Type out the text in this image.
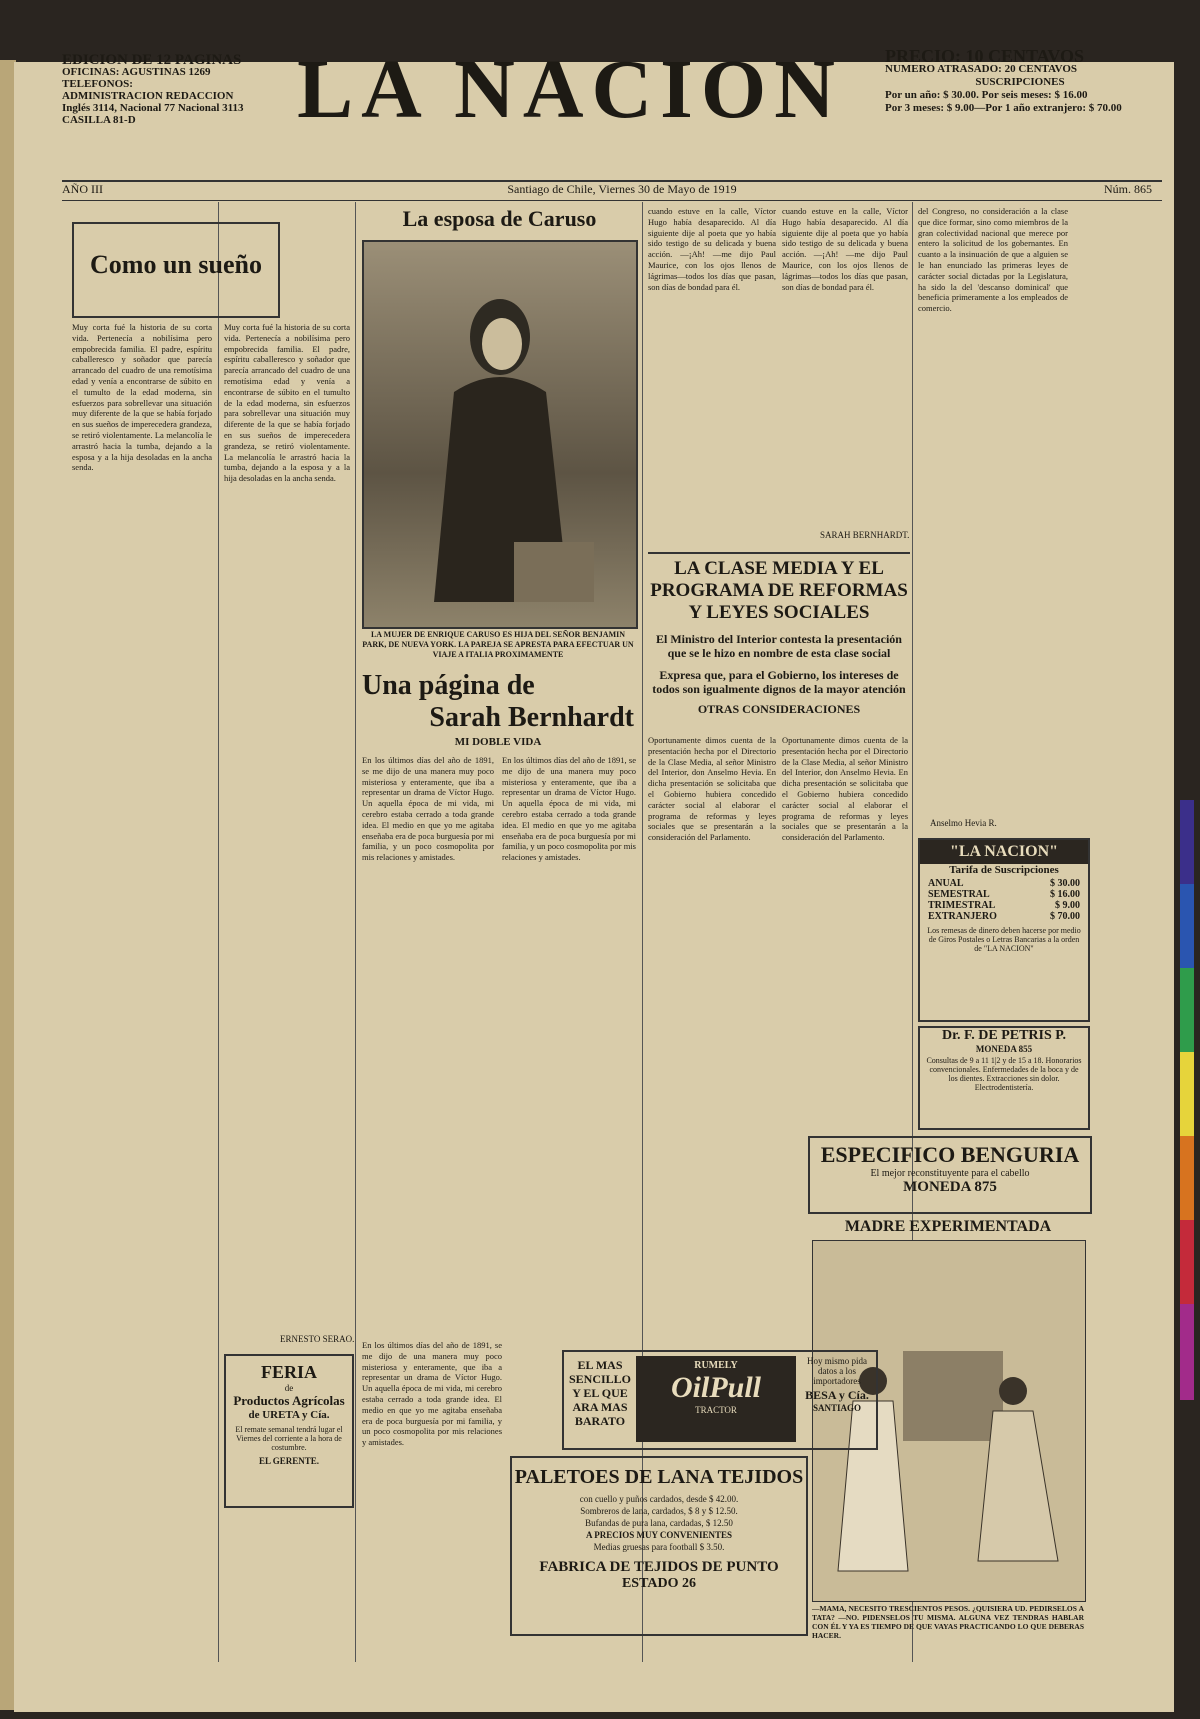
EDICION DE 12 PAGINAS
OFICINAS: AGUSTINAS 1269
TELEFONOS:
ADMINISTRACION REDACCION
Inglés 3114, Nacional 77 Nacional 3113
CASILLA 81-D	LA NACION	PRECIO: 10 CENTAVOS
NUMERO ATRASADO: 20 CENTAVOS
SUSCRIPCIONES
Por un año: $ 30.00. Por seis meses: $ 16.00
Por 3 meses: $ 9.00—Por 1 año extranjero: $ 70.00
AÑO III	Santiago de Chile, Viernes 30 de Mayo de 1919	Núm. 865
Como un sueño
Muy corta fué la historia de su corta vida. Pertenecía a nobilísima pero empobrecida familia. El padre, espíritu caballeresco y soñador que parecía arrancado del cuadro de una remotísima edad y venía a encontrarse de súbito en el tumulto de la edad moderna, sin esfuerzos para sobrellevar una situación muy diferente de la que se había forjado en sus sueños de imperecedera grandeza, se retiró violentamente. La melancolía le arrastró hacia la tumba, dejando a la esposa y a la hija desoladas en la ancha senda.
Muy corta fué la historia de su corta vida. Pertenecía a nobilísima pero empobrecida familia. El padre, espíritu caballeresco y soñador que parecía arrancado del cuadro de una remotísima edad y venía a encontrarse de súbito en el tumulto de la edad moderna, sin esfuerzos para sobrellevar una situación muy diferente de la que se había forjado en sus sueños de imperecedera grandeza, se retiró violentamente. La melancolía le arrastró hacia la tumba, dejando a la esposa y a la hija desoladas en la ancha senda.
ERNESTO SERAO.
FERIA
de
Productos Agrícolas
de URETA y Cía.
El remate semanal tendrá lugar el Viernes del corriente a la hora de costumbre.
EL GERENTE.
La esposa de Caruso
LA MUJER DE ENRIQUE CARUSO ES HIJA DEL SEÑOR BENJAMIN PARK, DE NUEVA YORK. LA PAREJA SE APRESTA PARA EFECTUAR UN VIAJE A ITALIA PROXIMAMENTE
Una página de
Sarah Bernhardt
MI DOBLE VIDA
En los últimos días del año de 1891, se me dijo de una manera muy poco misteriosa y enteramente, que iba a representar un drama de Víctor Hugo. Un aquella época de mi vida, mi cerebro estaba cerrado a toda grande idea. El medio en que yo me agitaba enseñaba era de poca burguesía por mi familia, y un poco cosmopolita por mis relaciones y amistades.
En los últimos días del año de 1891, se me dijo de una manera muy poco misteriosa y enteramente, que iba a representar un drama de Víctor Hugo. Un aquella época de mi vida, mi cerebro estaba cerrado a toda grande idea. El medio en que yo me agitaba enseñaba era de poca burguesía por mi familia, y un poco cosmopolita por mis relaciones y amistades.
cuando estuve en la calle, Víctor Hugo había desaparecido. Al día siguiente dije al poeta que yo había sido testigo de su delicada y buena acción. —¡Ah! —me dijo Paul Maurice, con los ojos llenos de lágrimas—todos los días que pasan, son días de bondad para él.
cuando estuve en la calle, Víctor Hugo había desaparecido. Al día siguiente dije al poeta que yo había sido testigo de su delicada y buena acción. —¡Ah! —me dijo Paul Maurice, con los ojos llenos de lágrimas—todos los días que pasan, son días de bondad para él.
SARAH BERNHARDT.
LA CLASE MEDIA Y EL PROGRAMA DE REFORMAS Y LEYES SOCIALES
El Ministro del Interior contesta la presentación que se le hizo en nombre de esta clase social
Expresa que, para el Gobierno, los intereses de todos son igualmente dignos de la mayor atención
OTRAS CONSIDERACIONES
Oportunamente dimos cuenta de la presentación hecha por el Directorio de la Clase Media, al señor Ministro del Interior, don Anselmo Hevia. En dicha presentación se solicitaba que el Gobierno hubiera concedido carácter social al elaborar el programa de reformas y leyes sociales que se presentarán a la consideración del Parlamento.
Oportunamente dimos cuenta de la presentación hecha por el Directorio de la Clase Media, al señor Ministro del Interior, don Anselmo Hevia. En dicha presentación se solicitaba que el Gobierno hubiera concedido carácter social al elaborar el programa de reformas y leyes sociales que se presentarán a la consideración del Parlamento.
del Congreso, no consideración a la clase que dice formar, sino como miembros de la gran colectividad nacional que merece por entero la solicitud de los gobernantes. En cuanto a la insinuación de que a alguien se le han enunciado las primeras leyes de carácter social dictadas por la Legislatura, ha sido la del 'descanso dominical' que beneficia primeramente a los empleados de comercio.
Anselmo Hevia R.
"LA NACION"
Tarifa de Suscripciones
ANUAL	$ 30.00
SEMESTRAL	$ 16.00
TRIMESTRAL	$ 9.00
EXTRANJERO	$ 70.00
Los remesas de dinero deben hacerse por medio de Giros Postales o Letras Bancarias a la orden de "LA NACION"
Dr. F. DE PETRIS P.
MONEDA 855
Consultas de 9 a 11 1|2 y de 15 a 18. Honorarios convencionales. Enfermedades de la boca y de los dientes. Extracciones sin dolor. Electrodentistería.
ESPECIFICO BENGURIA
El mejor reconstituyente para el cabello
MONEDA 875
MADRE EXPERIMENTADA
—MAMA, NECESITO TRESCIENTOS PESOS. ¿QUISIERA UD. PEDIRSELOS A TATA? —NO. PIDENSELOS TU MISMA. ALGUNA VEZ TENDRAS HABLAR CON ÉL Y YA ES TIEMPO DE QUE VAYAS PRACTICANDO LO QUE DEBERAS HACER.
EL MAS SENCILLO Y EL QUE ARA MAS BARATO
RUMELY
OilPull
TRACTOR
Hoy mismo pida datos a los importadores
BESA y Cía.
SANTIAGO
PALETOES DE LANA TEJIDOS
con cuello y puños cardados, desde $ 42.00.
Sombreros de lana, cardados, $ 8 y $ 12.50.
Bufandas de pura lana, cardadas, $ 12.50
A PRECIOS MUY CONVENIENTES
Medias gruesas para football $ 3.50.
FABRICA DE TEJIDOS DE PUNTO
ESTADO 26
En los últimos días del año de 1891, se me dijo de una manera muy poco misteriosa y enteramente, que iba a representar un drama de Víctor Hugo. Un aquella época de mi vida, mi cerebro estaba cerrado a toda grande idea. El medio en que yo me agitaba enseñaba era de poca burguesía por mi familia, y un poco cosmopolita por mis relaciones y amistades.
